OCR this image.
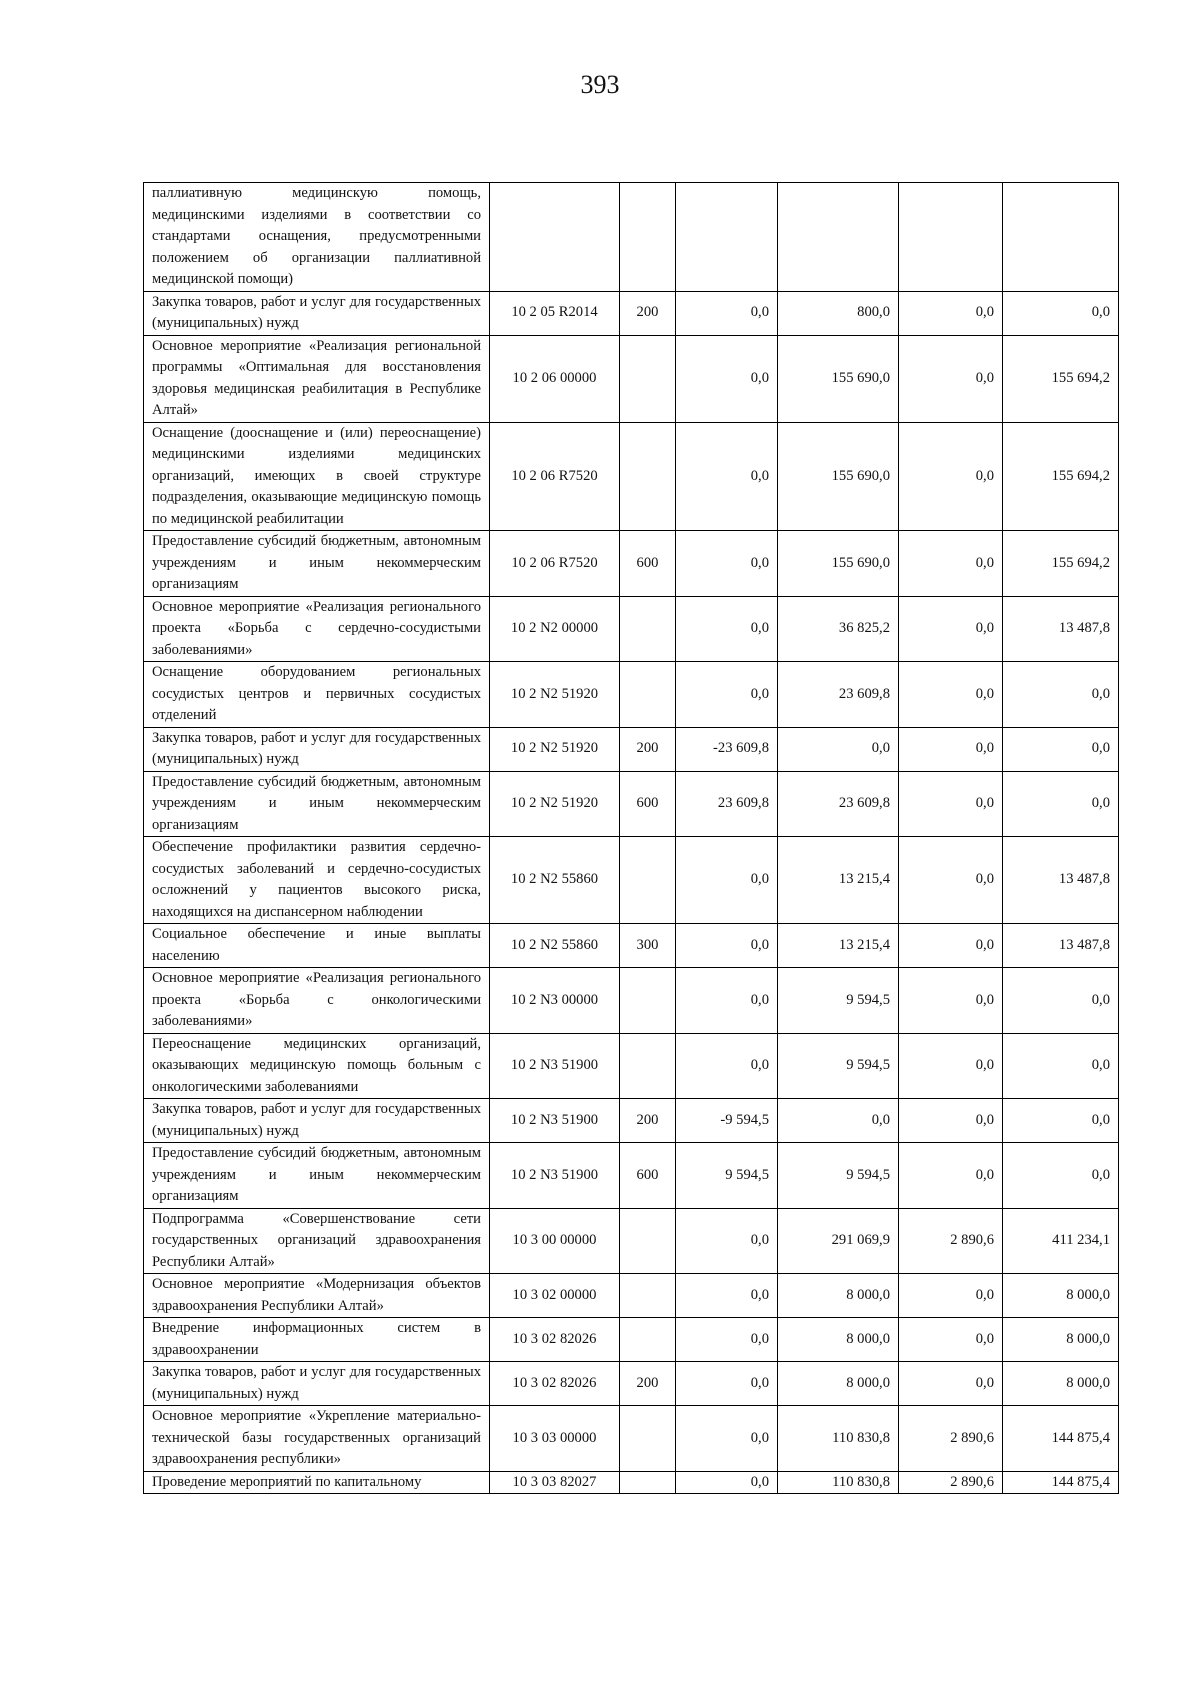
393
паллиативную медицинскую помощь, медицинскими изделиями в соответствии со стандартами оснащения, предусмотренными положением об организации паллиативной медицинской помощи)						
Закупка товаров, работ и услуг для государственных (муниципальных) нужд	10 2 05 R2014	200	0,0	800,0	0,0	0,0
Основное мероприятие «Реализация региональной программы «Оптимальная для восстановления здоровья медицинская реабилитация в Республике Алтай»	10 2 06 00000		0,0	155 690,0	0,0	155 694,2
Оснащение (дооснащение и (или) переоснащение) медицинскими изделиями медицинских организаций, имеющих в своей структуре подразделения, оказывающие медицинскую помощь по медицинской реабилитации	10 2 06 R7520		0,0	155 690,0	0,0	155 694,2
Предоставление субсидий бюджетным, автономным учреждениям и иным некоммерческим организациям	10 2 06 R7520	600	0,0	155 690,0	0,0	155 694,2
Основное мероприятие «Реализация регионального проекта «Борьба с сердечно-сосудистыми заболеваниями»	10 2 N2 00000		0,0	36 825,2	0,0	13 487,8
Оснащение оборудованием региональных сосудистых центров и первичных сосудистых отделений	10 2 N2 51920		0,0	23 609,8	0,0	0,0
Закупка товаров, работ и услуг для государственных (муниципальных) нужд	10 2 N2 51920	200	-23 609,8	0,0	0,0	0,0
Предоставление субсидий бюджетным, автономным учреждениям и иным некоммерческим организациям	10 2 N2 51920	600	23 609,8	23 609,8	0,0	0,0
Обеспечение профилактики развития сердечно-сосудистых заболеваний и сердечно-сосудистых осложнений у пациентов высокого риска, находящихся на диспансерном наблюдении	10 2 N2 55860		0,0	13 215,4	0,0	13 487,8
Социальное обеспечение и иные выплаты населению	10 2 N2 55860	300	0,0	13 215,4	0,0	13 487,8
Основное мероприятие «Реализация регионального проекта «Борьба с онкологическими заболеваниями»	10 2 N3 00000		0,0	9 594,5	0,0	0,0
Переоснащение медицинских организаций, оказывающих медицинскую помощь больным с онкологическими заболеваниями	10 2 N3 51900		0,0	9 594,5	0,0	0,0
Закупка товаров, работ и услуг для государственных (муниципальных) нужд	10 2 N3 51900	200	-9 594,5	0,0	0,0	0,0
Предоставление субсидий бюджетным, автономным учреждениям и иным некоммерческим организациям	10 2 N3 51900	600	9 594,5	9 594,5	0,0	0,0
Подпрограмма «Совершенствование сети государственных организаций здравоохранения Республики Алтай»	10 3 00 00000		0,0	291 069,9	2 890,6	411 234,1
Основное мероприятие «Модернизация объектов здравоохранения Республики Алтай»	10 3 02 00000		0,0	8 000,0	0,0	8 000,0
Внедрение информационных систем в здравоохранении	10 3 02 82026		0,0	8 000,0	0,0	8 000,0
Закупка товаров, работ и услуг для государственных (муниципальных) нужд	10 3 02 82026	200	0,0	8 000,0	0,0	8 000,0
Основное мероприятие «Укрепление материально-технической базы государственных организаций здравоохранения республики»	10 3 03 00000		0,0	110 830,8	2 890,6	144 875,4
Проведение мероприятий по капитальному	10 3 03 82027		0,0	110 830,8	2 890,6	144 875,4
